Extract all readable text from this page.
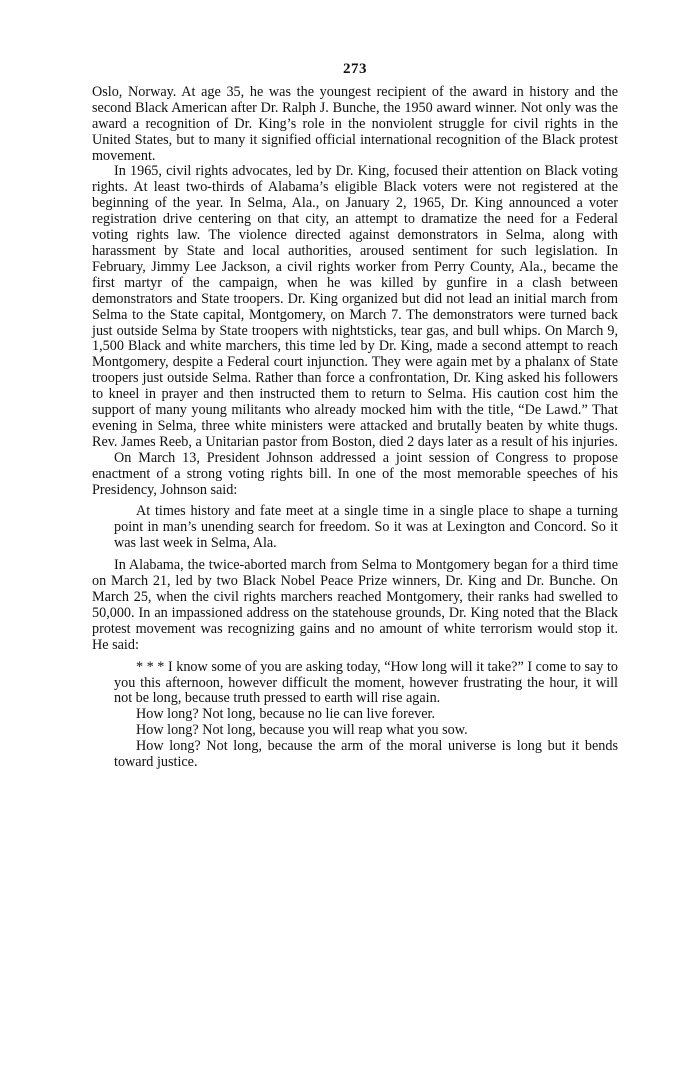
273

Oslo, Norway. At age 35, he was the youngest recipient of the award in history and the second Black American after Dr. Ralph J. Bunche, the 1950 award winner. Not only was the award a recognition of Dr. King’s role in the nonviolent struggle for civil rights in the United States, but to many it signified official international recognition of the Black protest movement.

In 1965, civil rights advocates, led by Dr. King, focused their attention on Black voting rights. At least two-thirds of Alabama’s eligible Black voters were not registered at the beginning of the year. In Selma, Ala., on January 2, 1965, Dr. King announced a voter registration drive centering on that city, an attempt to dramatize the need for a Federal voting rights law. The violence directed against demonstrators in Selma, along with harassment by State and local authorities, aroused sentiment for such legislation. In February, Jimmy Lee Jackson, a civil rights worker from Perry County, Ala., became the first martyr of the campaign, when he was killed by gunfire in a clash between demonstrators and State troopers. Dr. King organized but did not lead an initial march from Selma to the State capital, Montgomery, on March 7. The demonstrators were turned back just outside Selma by State troopers with nightsticks, tear gas, and bull whips. On March 9, 1,500 Black and white marchers, this time led by Dr. King, made a second attempt to reach Montgomery, despite a Federal court injunction. They were again met by a phalanx of State troopers just outside Selma. Rather than force a confrontation, Dr. King asked his followers to kneel in prayer and then instructed them to return to Selma. His caution cost him the support of many young militants who already mocked him with the title, “De Lawd.” That evening in Selma, three white ministers were attacked and brutally beaten by white thugs. Rev. James Reeb, a Unitarian pastor from Boston, died 2 days later as a result of his injuries.

On March 13, President Johnson addressed a joint session of Congress to propose enactment of a strong voting rights bill. In one of the most memorable speeches of his Presidency, Johnson said:

At times history and fate meet at a single time in a single place to shape a turning point in man’s unending search for freedom. So it was at Lexington and Concord. So it was last week in Selma, Ala.

In Alabama, the twice-aborted march from Selma to Montgomery began for a third time on March 21, led by two Black Nobel Peace Prize winners, Dr. King and Dr. Bunche. On March 25, when the civil rights marchers reached Montgomery, their ranks had swelled to 50,000. In an impassioned address on the statehouse grounds, Dr. King noted that the Black protest movement was recognizing gains and no amount of white terrorism would stop it. He said:

* * * I know some of you are asking today, “How long will it take?” I come to say to you this afternoon, however difficult the moment, however frustrating the hour, it will not be long, because truth pressed to earth will rise again.

How long? Not long, because no lie can live forever.

How long? Not long, because you will reap what you sow.

How long? Not long, because the arm of the moral universe is long but it bends toward justice.
